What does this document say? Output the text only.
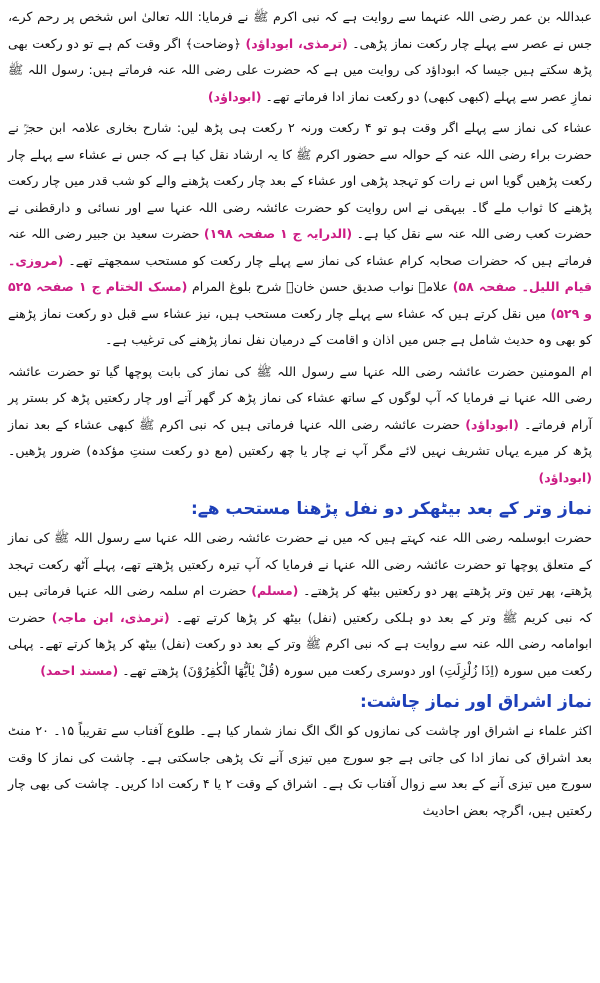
عبداللہ بن عمر رضی اللہ عنہما سے روایت ہے کہ نبی اکرم ﷺ نے فرمایا: اللہ تعالیٰ اس شخص پر رحم کرے، جس نے عصر سے پہلے چار رکعت نماز پڑھی۔ (ترمذی، ابوداؤد) ﴿وضاحت﴾ اگر وقت کم ہے تو دو رکعت بھی پڑھ سکتے ہیں جیسا کہ ابوداؤد کی روایت میں ہے کہ حضرت علی رضی اللہ عنہ فرماتے ہیں: رسول اللہ ﷺ نمازِ عصر سے پہلے (کبھی کبھی) دو رکعت نماز ادا فرماتے تھے۔ (ابوداؤد)

عشاء کی نماز سے پہلے اگر وقت ہو تو ۴ رکعت ورنہ ۲ رکعت ہی پڑھ لیں: شارح بخاری علامہ ابن حجرؒ نے حضرت براء رضی اللہ عنہ کے حوالہ سے حضور اکرم ﷺ کا یہ ارشاد نقل کیا ہے کہ جس نے عشاء سے پہلے چار رکعت پڑھیں گویا اس نے رات کو تہجد پڑھی اور عشاء کے بعد چار رکعت پڑھنے والے کو شب قدر میں چار رکعت پڑھنے کا ثواب ملے گا۔ بیہقی نے اس روایت کو حضرت عائشہ رضی اللہ عنہا سے اور نسائی و دارقطنی نے حضرت کعب رضی اللہ عنہ سے نقل کیا ہے۔ (الدرایہ ج ۱ صفحہ ۱۹۸) حضرت سعید بن جبیر رضی اللہ عنہ فرماتے ہیں کہ حضرات صحابہ کرام عشاء کی نماز سے پہلے چار رکعت کو مستحب سمجھتے تھے۔ (مروزی۔ قیام اللیل۔ صفحہ ۵۸) علامہ نواب صدیق حسن خانؒ شرح بلوغ المرام (مسک الختام ج ۱ صفحہ ۵۲۵ و ۵۲۹) میں نقل کرتے ہیں کہ عشاء سے پہلے چار رکعت مستحب ہیں، نیز عشاء سے قبل دو رکعت نماز پڑھنے کو بھی وہ حدیث شامل ہے جس میں اذان و اقامت کے درمیان نفل نماز پڑھنے کی ترغیب ہے۔

ام المومنین حضرت عائشہ رضی اللہ عنہا سے رسول اللہ ﷺ کی نماز کی بابت پوچھا گیا تو حضرت عائشہ رضی اللہ عنہا نے فرمایا کہ آپ لوگوں کے ساتھ عشاء کی نماز پڑھ کر گھر آتے اور چار رکعتیں پڑھ کر بستر پر آرام فرماتے۔ (ابوداؤد) حضرت عائشہ رضی اللہ عنہا فرماتی ہیں کہ نبی اکرم ﷺ کبھی عشاء کے بعد نماز پڑھ کر میرے یہاں تشریف نہیں لائے مگر آپ نے چار یا چھ رکعتیں (مع دو رکعت سنتِ مؤکدہ) ضرور پڑھیں۔ (ابوداؤد)

نماز وتر کے بعد بیٹھکر دو نفل پڑھنا مستحب ھے:

حضرت ابوسلمہ رضی اللہ عنہ کہتے ہیں کہ میں نے حضرت عائشہ رضی اللہ عنہا سے رسول اللہ ﷺ کی نماز کے متعلق پوچھا تو حضرت عائشہ رضی اللہ عنہا نے فرمایا کہ آپ تیرہ رکعتیں پڑھتے تھے، پہلے آٹھ رکعت تہجد پڑھتے، پھر تین وتر پڑھتے پھر دو رکعتیں بیٹھ کر پڑھتے۔ (مسلم) حضرت ام سلمہ رضی اللہ عنہا فرماتی ہیں کہ نبی کریم ﷺ وتر کے بعد دو ہلکی رکعتیں (نفل) بیٹھ کر پڑھا کرتے تھے۔ (ترمذی، ابن ماجہ) حضرت ابوامامہ رضی اللہ عنہ سے روایت ہے کہ نبی اکرم ﷺ وتر کے بعد دو رکعت (نفل) بیٹھ کر پڑھا کرتے تھے۔ پہلی رکعت میں سورہ (اِذَا زُلْزِلَتِ) اور دوسری رکعت میں سورہ (قُلْ یٰاَیُّھَا الْکٰفِرُوْنَ) پڑھتے تھے۔ (مسند احمد)

نماز اشراق اور نماز چاشت:

اکثر علماء نے اشراق اور چاشت کی نمازوں کو الگ الگ نماز شمار کیا ہے۔ طلوع آفتاب سے تقریباً ۱۵۔ ۲۰ منٹ بعد اشراق کی نماز ادا کی جاتی ہے جو سورج میں تیزی آنے تک پڑھی جاسکتی ہے۔ چاشت کی نماز کا وقت سورج میں تیزی آنے کے بعد سے زوال آفتاب تک ہے۔ اشراق کے وقت ۲ یا ۴ رکعت ادا کریں۔ چاشت کی بھی چار رکعتیں ہیں، اگرچہ بعض احادیث
